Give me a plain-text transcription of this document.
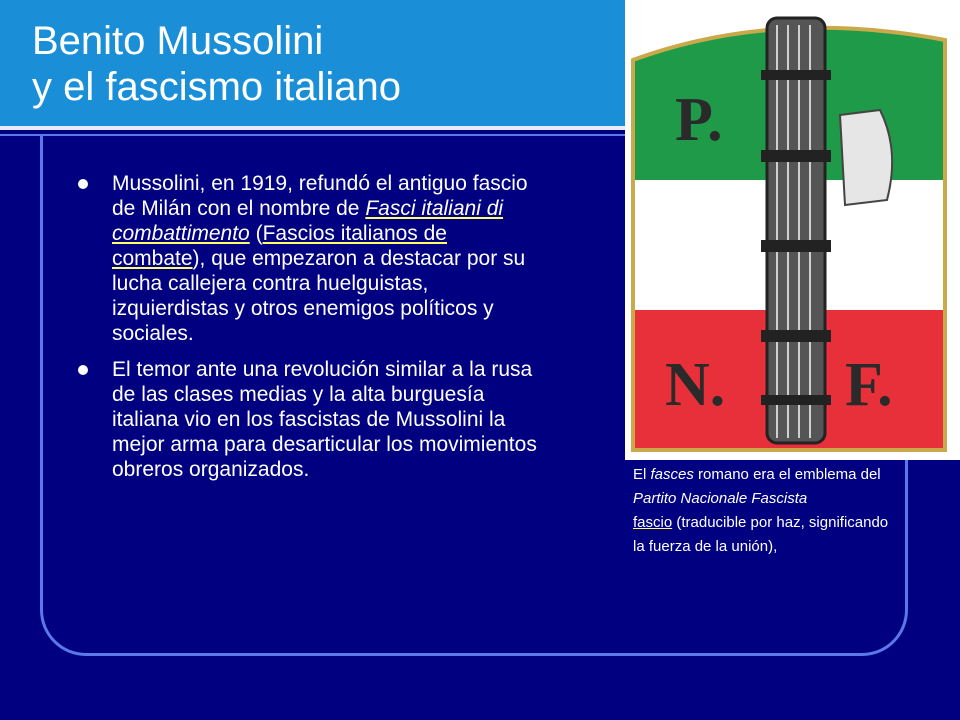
Benito Mussolini
y el fascismo italiano
Mussolini, en 1919, refundó el antiguo fascio de Milán con el nombre de Fasci italiani di combattimento (Fascios italianos de combate), que empezaron a destacar por su lucha callejera contra huelguistas, izquierdistas y otros enemigos políticos y sociales.
El temor ante una revolución similar a la rusa de las clases medias y la alta burguesía italiana vio en los fascistas de Mussolini la mejor arma para desarticular los movimientos obreros organizados.
P.
N. F.
El fasces romano era el emblema del Partito Nacionale Fascista
fascio (traducible por haz, significando la fuerza de la unión),
